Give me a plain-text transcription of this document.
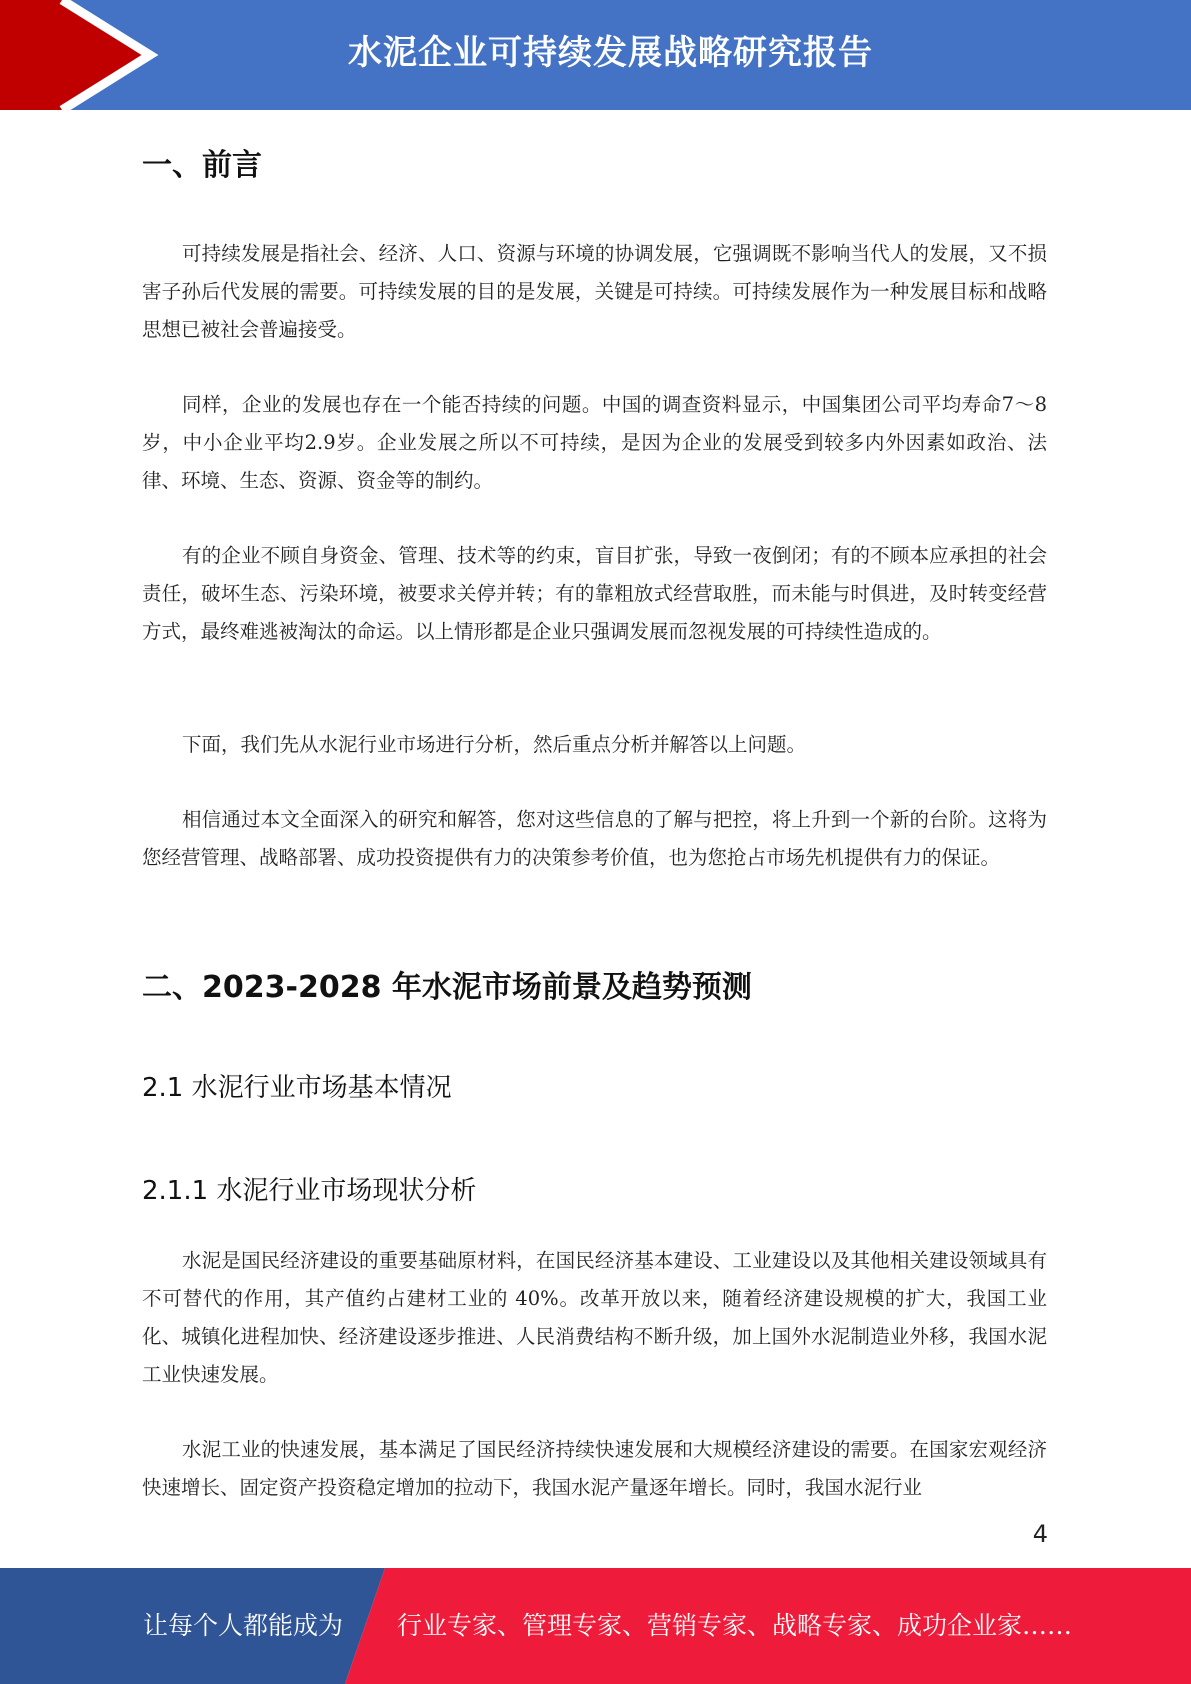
水泥企业可持续发展战略研究报告
一、前言

可持续发展是指社会、经济、人口、资源与环境的协调发展，它强调既不影响当代人的发展，又不损害子孙后代发展的需要。可持续发展的目的是发展，关键是可持续。可持续发展作为一种发展目标和战略思想已被社会普遍接受。

同样，企业的发展也存在一个能否持续的问题。中国的调查资料显示，中国集团公司平均寿命7～8岁，中小企业平均2.9岁。企业发展之所以不可持续，是因为企业的发展受到较多内外因素如政治、法律、环境、生态、资源、资金等的制约。

有的企业不顾自身资金、管理、技术等的约束，盲目扩张，导致一夜倒闭；有的不顾本应承担的社会责任，破坏生态、污染环境，被要求关停并转；有的靠粗放式经营取胜，而未能与时俱进，及时转变经营方式，最终难逃被淘汰的命运。以上情形都是企业只强调发展而忽视发展的可持续性造成的。

下面，我们先从水泥行业市场进行分析，然后重点分析并解答以上问题。

相信通过本文全面深入的研究和解答，您对这些信息的了解与把控，将上升到一个新的台阶。这将为您经营管理、战略部署、成功投资提供有力的决策参考价值，也为您抢占市场先机提供有力的保证。

二、2023-2028 年水泥市场前景及趋势预测
2.1 水泥行业市场基本情况
2.1.1 水泥行业市场现状分析

水泥是国民经济建设的重要基础原材料，在国民经济基本建设、工业建设以及其他相关建设领域具有不可替代的作用，其产值约占建材工业的 40%。改革开放以来，随着经济建设规模的扩大，我国工业化、城镇化进程加快、经济建设逐步推进、人民消费结构不断升级，加上国外水泥制造业外移，我国水泥工业快速发展。

水泥工业的快速发展，基本满足了国民经济持续快速发展和大规模经济建设的需要。在国家宏观经济快速增长、固定资产投资稳定增加的拉动下，我国水泥产量逐年增长。同时，我国水泥行业

4
让每个人都能成为 行业专家、管理专家、营销专家、战略专家、成功企业家……
